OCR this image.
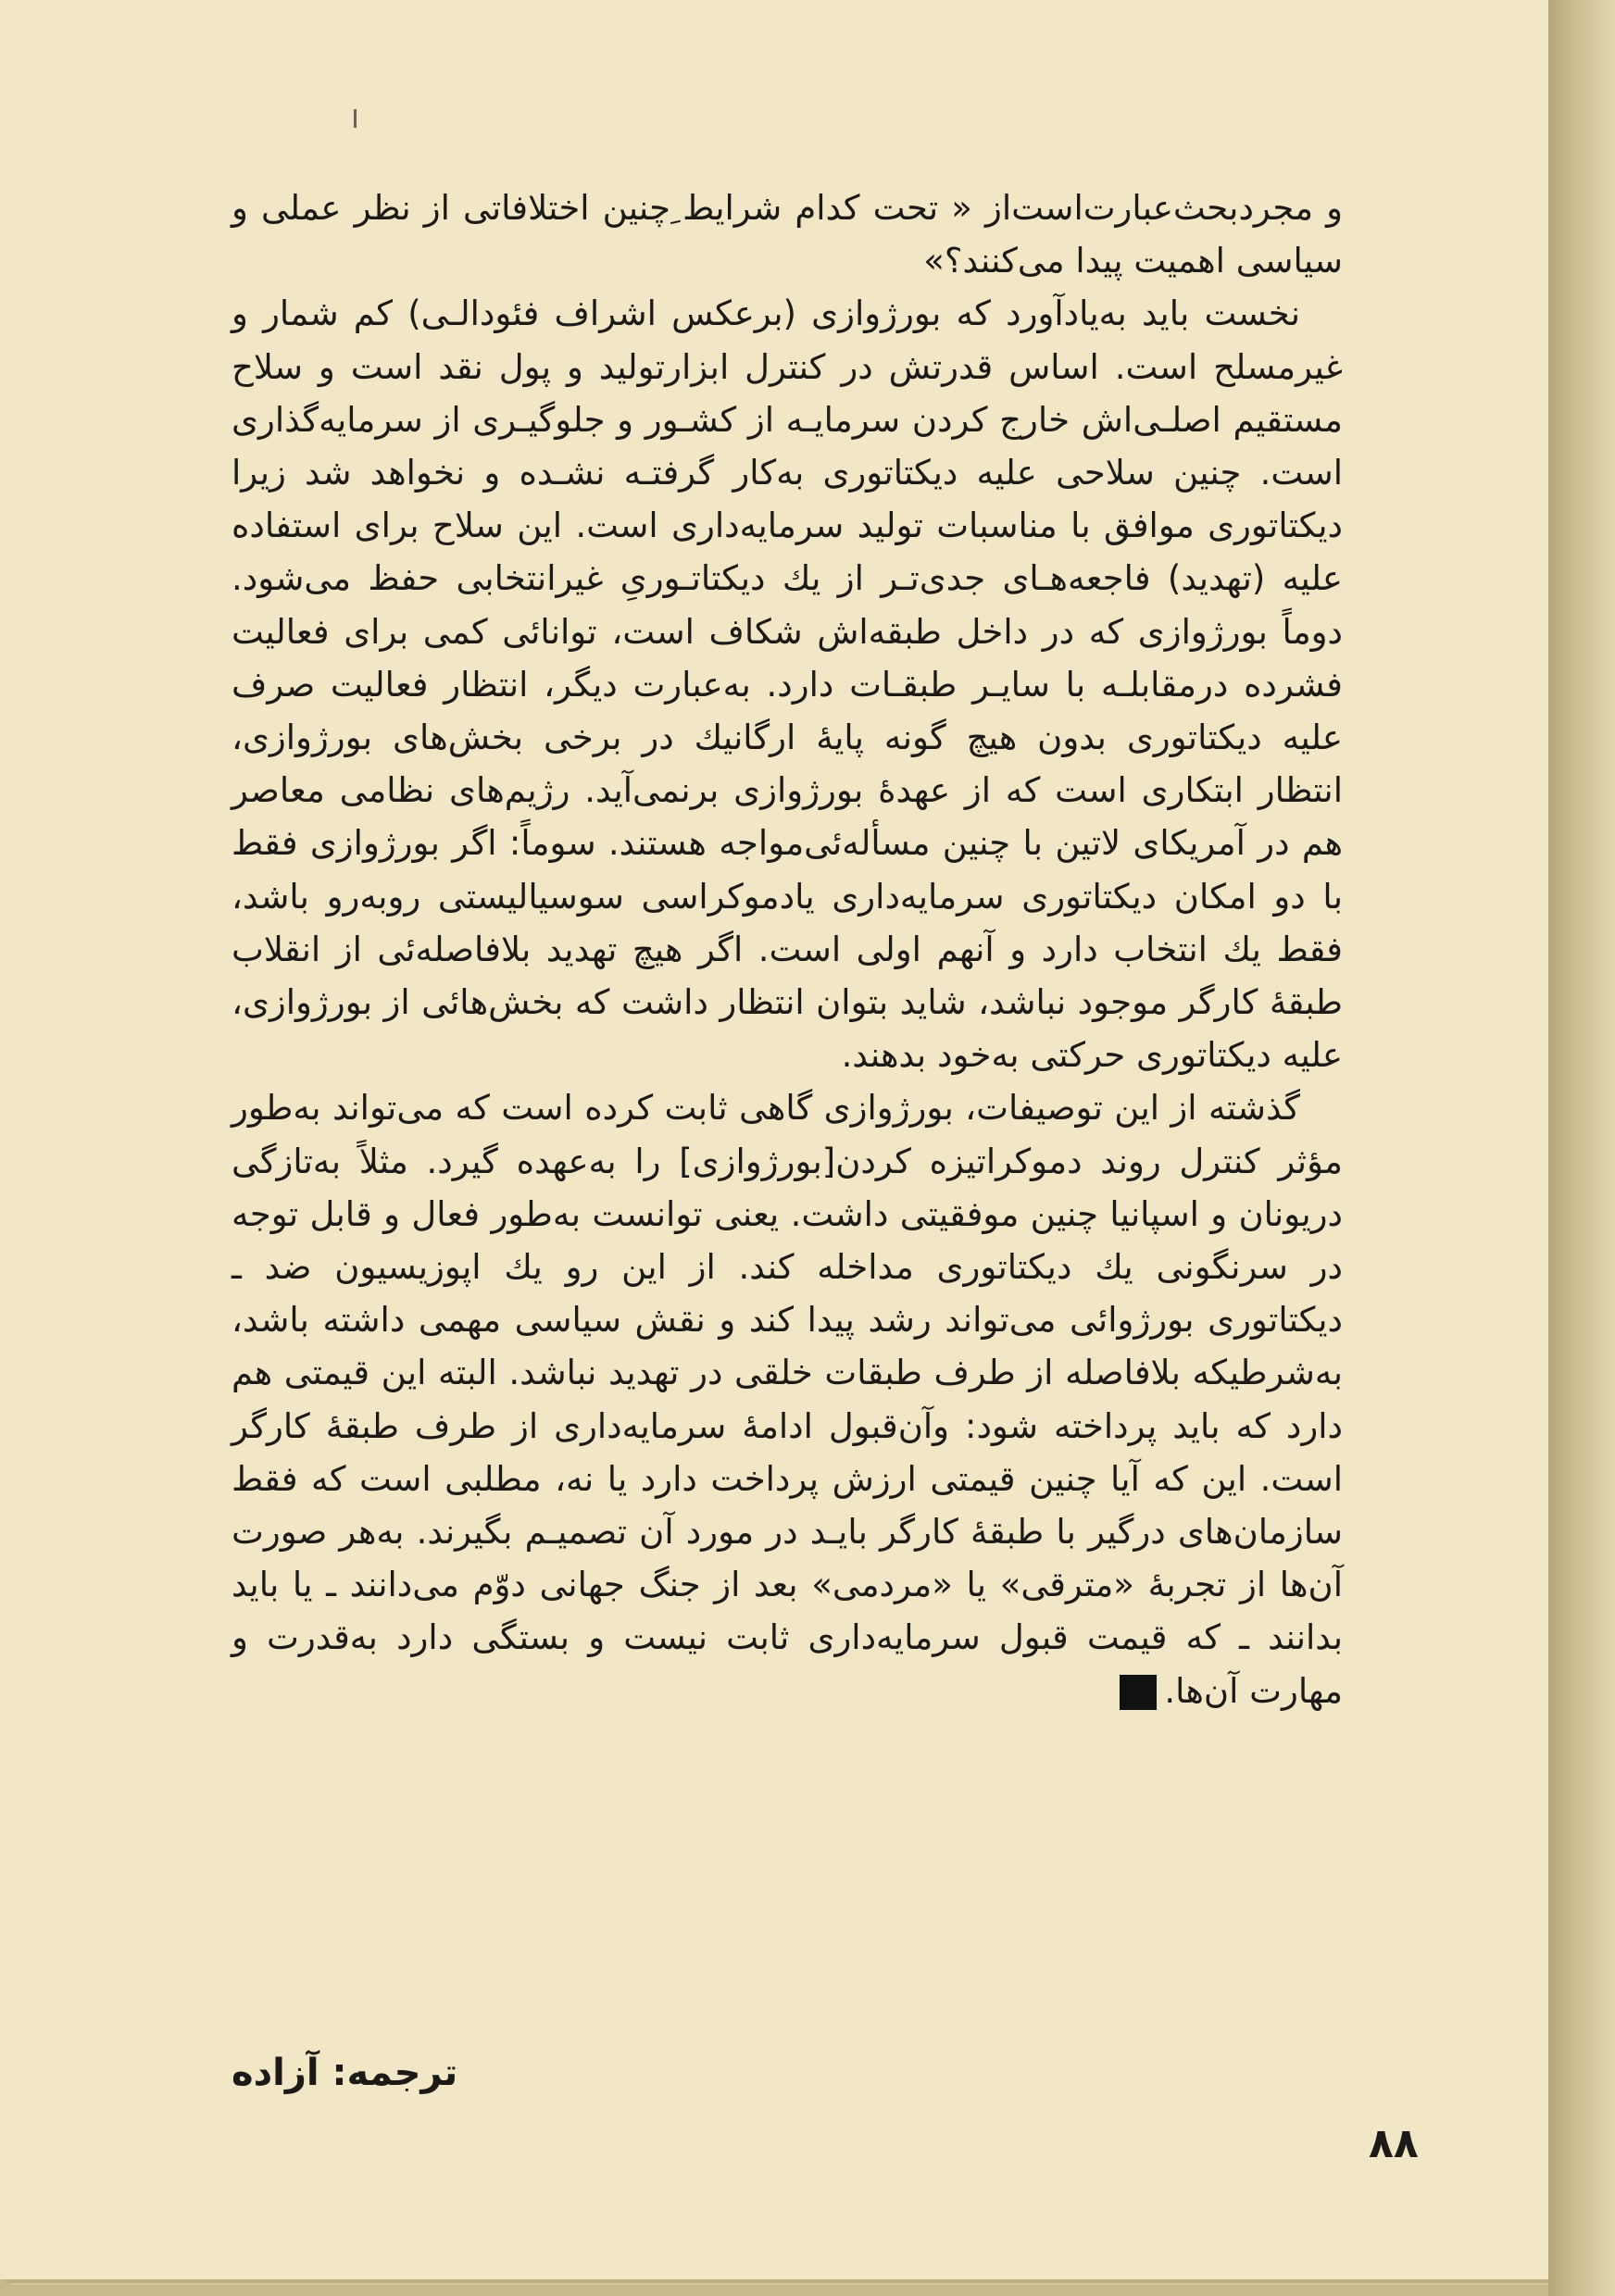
و مجردبحث‌عبارت‌است‌از « تحت کدام شرایط ِچنین اختلافاتی از نظر عملی و سیاسی اهمیت پیدا می‌کنند؟»

نخست باید به‌یادآورد که بورژوازی (برعکس اشراف فئودالـی) کم شمار و غیرمسلح است. اساس قدرتش در کنترل ابزارتولید و پول نقد است و سلاح مستقیم اصلـی‌اش خارج کردن سرمایـه از کشـور و جلوگیـری از سرمایه‌گذاری است. چنین سلاحی علیه دیکتاتوری به‌کار گرفتـه نشـده و نخواهد شد زیرا دیکتاتوری موافق با مناسبات تولید سرمایه‌داری است. این سلاح برای استفاده علیه (تهدید) فاجعه‌هـای جدی‌تـر از یك دیکتاتـوریِ غیرانتخابی حفظ می‌شود. دوماً بورژوازی که در داخل طبقه‌اش شکاف است، توانائی کمی برای فعالیت فشرده درمقابلـه با سایـر طبقـات دارد. به‌عبارت دیگر، انتظار فعالیت صرف علیه دیکتاتوری بدون هیچ گونه پایهٔ ارگانیك در برخی بخش‌های بورژوازی، انتظار ابتکاری است که از عهدهٔ بورژوازی برنمی‌آید. رژیم‌های نظامی معاصر هم در آمریکای لاتین با چنین مسأله‌ئی‌مواجه هستند. سوماً: اگر بورژوازی فقط با دو امکان دیکتاتوری سرمایه‌داری یادموکراسی سوسیالیستی روبه‌رو باشد، فقط یك انتخاب دارد و آنهم اولی است. اگر هیچ تهدید بلافاصله‌ئی از انقلاب طبقهٔ کارگر موجود نباشد، شاید بتوان انتظار داشت که بخش‌هائی از بورژوازی، علیه دیکتاتوری حرکتی به‌خود بدهند.

گذشته از این توصیفات، بورژوازی گاهی ثابت کرده است که می‌تواند به‌طور مؤثر کنترل روند دموکراتیزه کردن[بورژوازی] را به‌عهده گیرد. مثلاً به‌تازگی دریونان و اسپانیا چنین موفقیتی داشت. یعنی توانست به‌طور فعال و قابل توجه در سرنگونی یك دیکتاتوری مداخله کند. از این رو یك اپوزیسیون ضد ـ دیکتاتوری بورژوائی می‌تواند رشد پیدا کند و نقش سیاسی مهمی داشته باشد، به‌شرطیکه بلافاصله از طرف طبقات خلقی در تهدید نباشد. البته این قیمتی هم دارد که باید پرداخته شود: وآن‌قبول ادامهٔ سرمایه‌داری از طرف طبقهٔ کارگر است. این که آیا چنین قیمتی ارزش پرداخت دارد یا نه، مطلبی است که فقط سازمان‌های درگیر با طبقهٔ کارگر بایـد در مورد آن تصمیـم بگیرند. به‌هر صورت آن‌ها از تجربهٔ «مترقی» یا «مردمی» بعد از جنگ جهانی دوّم می‌دانند ـ یا باید بدانند ـ که قیمت قبول سرمایه‌داری ثابت نیست و بستگی دارد به‌قدرت و مهارت آن‌ها.

ترجمه: آزاده
۸۸
